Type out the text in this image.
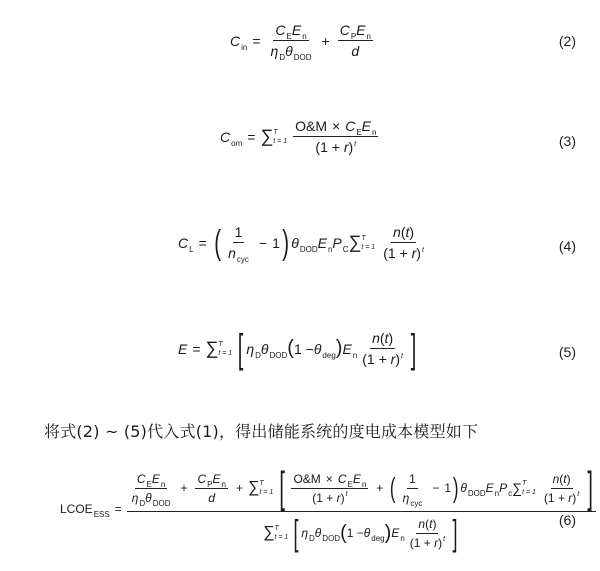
$C_{in} = \frac{C_EE_n}{\eta_D\theta_{DOD}} + \frac{C_PE_n}{d}$	(2)
$C_{om}$ = ∑ T
$t = 1 \frac{O\&M \times C_EE_n}{(1 + r)^t}$	(3)
$C_L$ = ( $\frac{1}{n_{cyc}} - 1$ ) $\theta_{DOD}E_nP_C$ ∑ T
$t = 1 \frac{n(t)}{(1 + r)^t}$	(4)
E = ∑ T
t = 1 [ $\eta_D\theta_{DOD}$ ( $1 - \theta_{deg}$ ) $E_n \frac{n(t)}{(1 + r)^t}$ ]	(5)
将式(2) ~ (5)代入式(1)，得出储能系统的度电成本模型如下
$LCOE_{ESS}$ =
$\frac{C_EE_n}{\eta_D\theta_{DOD}} + \frac{C_PE_n}{d}$ + ∑ T
t = 1 [ $\frac{O\&M \times C_EE_n}{(1 + r)^t}$ + ( $\frac{1}{\eta_{cyc}} - 1$ ) $\theta_{DOD}E_nP_c$ ∑ T
$t = 1 \frac{n(t)}{(1 + r)^t}$ ]
∑ T
t = 1 [ $\eta_D\theta_{DOD}$ ( $1 - \theta_{deg}$ ) $E_n \frac{n(t)}{(1 + r)^t}$ ]	(6)
